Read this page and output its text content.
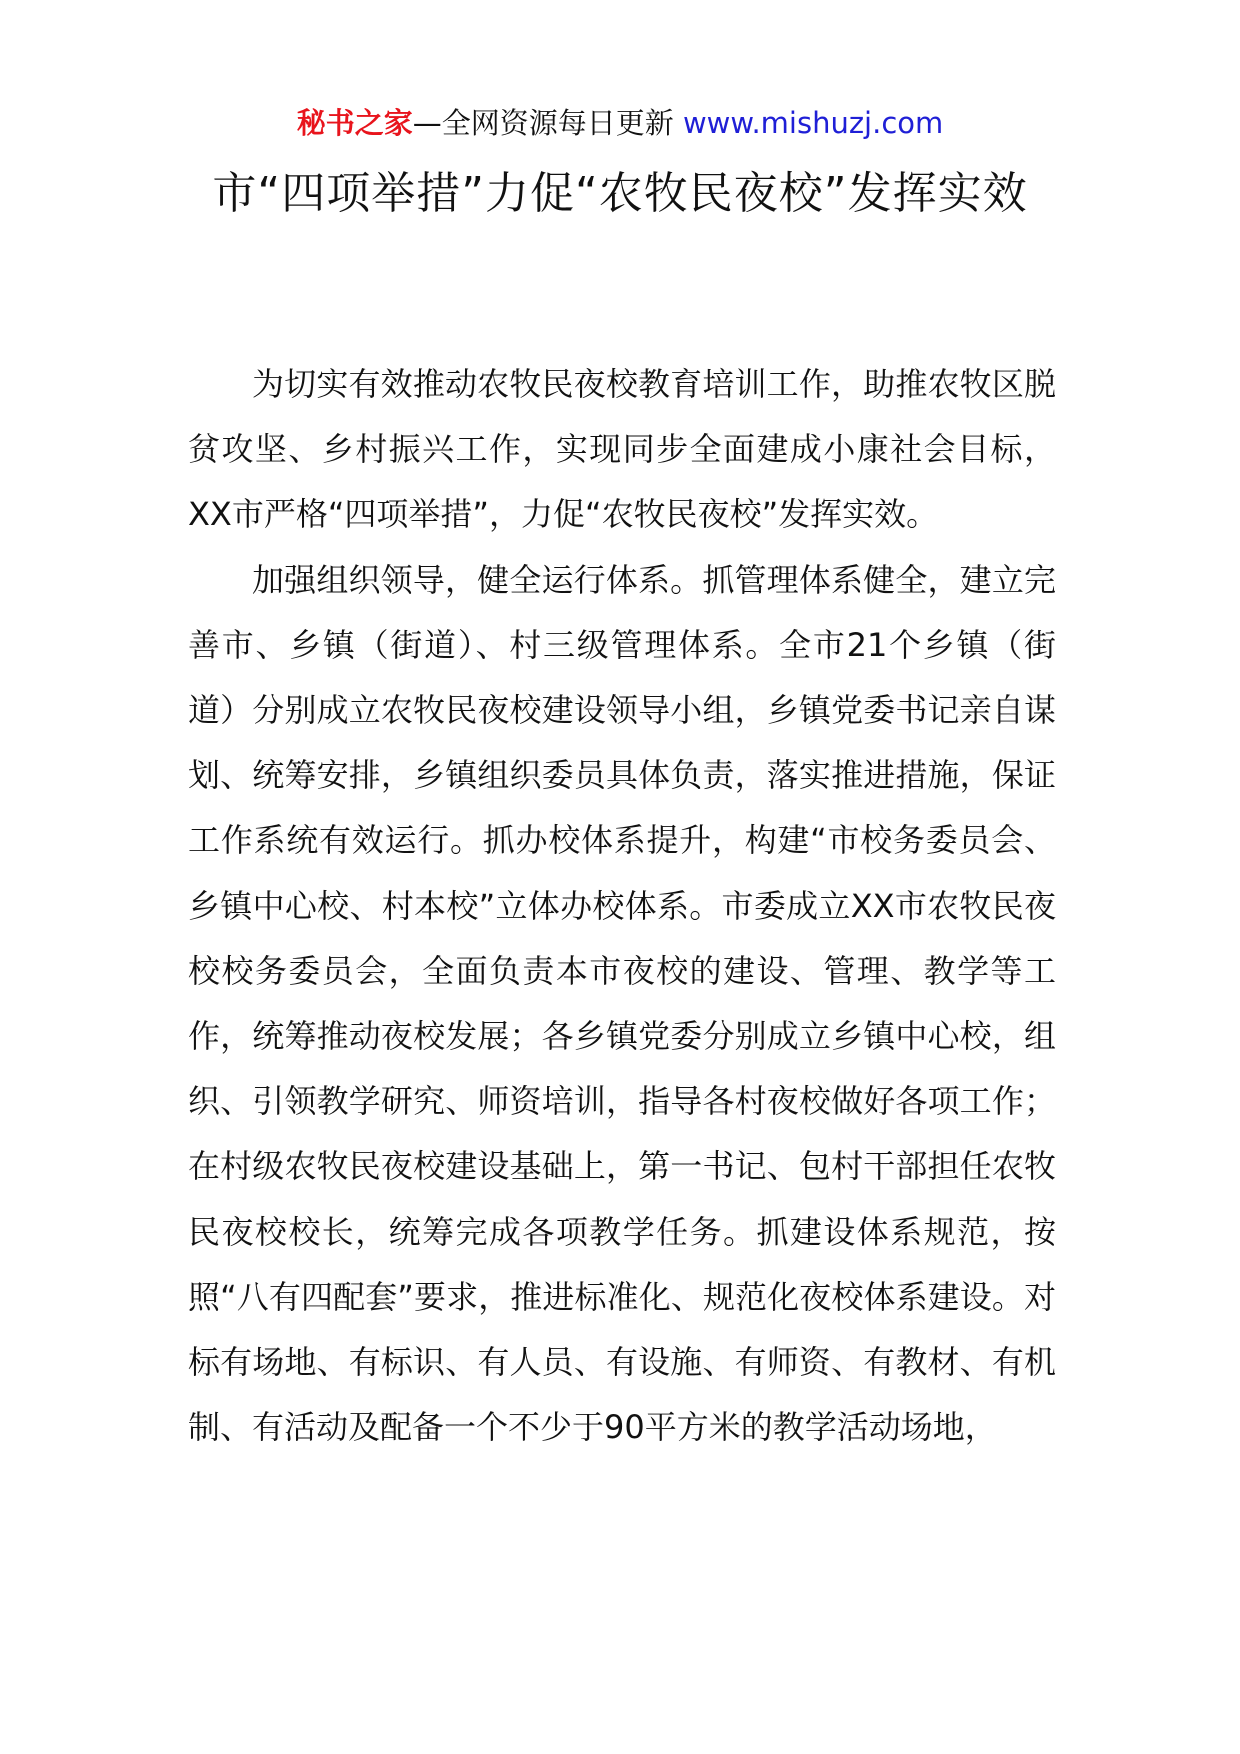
秘书之家—全网资源每日更新 www.mishuzj.com
市“四项举措”力促“农牧民夜校”发挥实效

为切实有效推动农牧民夜校教育培训工作，助推农牧区脱贫攻坚、乡村振兴工作，实现同步全面建成小康社会目标，XX市严格“四项举措”，力促“农牧民夜校”发挥实效。

加强组织领导，健全运行体系。抓管理体系健全，建立完善市、乡镇（街道）、村三级管理体系。全市21个乡镇（街道）分别成立农牧民夜校建设领导小组，乡镇党委书记亲自谋划、统筹安排，乡镇组织委员具体负责，落实推进措施，保证工作系统有效运行。抓办校体系提升，构建“市校务委员会、乡镇中心校、村本校”立体办校体系。市委成立XX市农牧民夜校校务委员会，全面负责本市夜校的建设、管理、教学等工作，统筹推动夜校发展；各乡镇党委分别成立乡镇中心校，组织、引领教学研究、师资培训，指导各村夜校做好各项工作；在村级农牧民夜校建设基础上，第一书记、包村干部担任农牧民夜校校长，统筹完成各项教学任务。抓建设体系规范，按照“八有四配套”要求，推进标准化、规范化夜校体系建设。对标有场地、有标识、有人员、有设施、有师资、有教材、有机制、有活动及配备一个不少于90平方米的教学活动场地，
